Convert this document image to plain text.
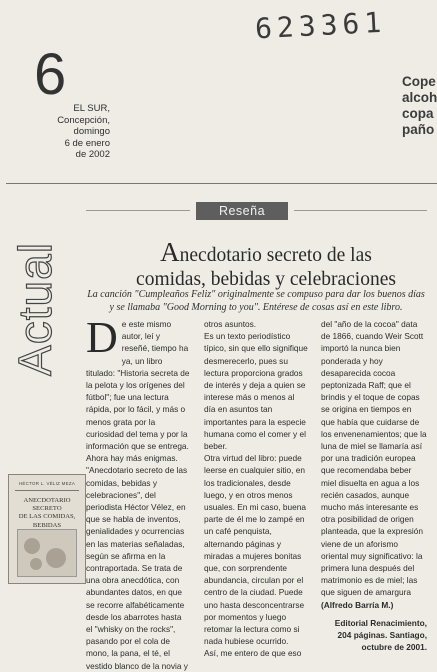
623361
6
EL SUR,
Concepción,
domingo
6 de enero
de 2002
Cope
alcoh
copa
paño
Actual
Reseña
Anecdotario secreto de las
comidas, bebidas y celebraciones
La canción "Cumpleaños Feliz" originalmente se compuso para dar los buenos días y se llamaba "Good Morning to you". Entérese de cosas así en este libro.
D e este mismo autor, leí y reseñé, tiempo ha ya, un libro titulado: "Historia secreta de la pelota y los orígenes del fútbol"; fue una lectura rápida, por lo fácil, y más o menos grata por la curiosidad del tema y por la información que se entrega.

Ahora hay más enigmas. "Anecdotario secreto de las comidas, bebidas y celebraciones", del periodista Héctor Vélez, en que se habla de inventos, genialidades y ocurrencias en las materias señaladas, según se afirma en la contraportada. Se trata de una obra anecdótica, con abundantes datos, en que se recorre alfabéticamente desde los abarrotes hasta el "whisky on the rocks", pasando por el cola de mono, la pana, el té, el vestido blanco de la novia y

otros asuntos.

Es un texto periodístico típico, sin que ello signifique desmerecerlo, pues su lectura proporciona grados de interés y deja a quien se interese más o menos al día en asuntos tan importantes para la especie humana como el comer y el beber.

Otra virtud del libro: puede leerse en cualquier sitio, en los tradicionales, desde luego, y en otros menos usuales. En mi caso, buena parte de él me lo zampé en un café penquista, alternando páginas y miradas a mujeres bonitas que, con sorprendente abundancia, circulan por el centro de la ciudad. Puede uno hasta desconcentrarse por momentos y luego retomar la lectura como si nada hubiese ocurrido.

Así, me entero de que eso

del "año de la cocoa" data de 1866, cuando Weir Scott importó la nunca bien ponderada y hoy desaparecida cocoa peptonizada Raff; que el brindis y el toque de copas se origina en tiempos en que había que cuidarse de los envenenamientos; que la luna de miel se llamaría así por una tradición europea que recomendaba beber miel disuelta en agua a los recién casados, aunque mucho más interesante es otra posibilidad de origen planteada, que la expresión viene de un aforismo oriental muy significativo: la primera luna después del matrimonio es de miel; las que siguen de amargura (Alfredo Barría M.)

Editorial Renacimiento,

204 páginas. Santiago,

octubre de 2001.

HÉCTOR L. VÉLIZ MEZA
ANECDOTARIO SECRETO
DE LAS COMIDAS, BEBIDAS
